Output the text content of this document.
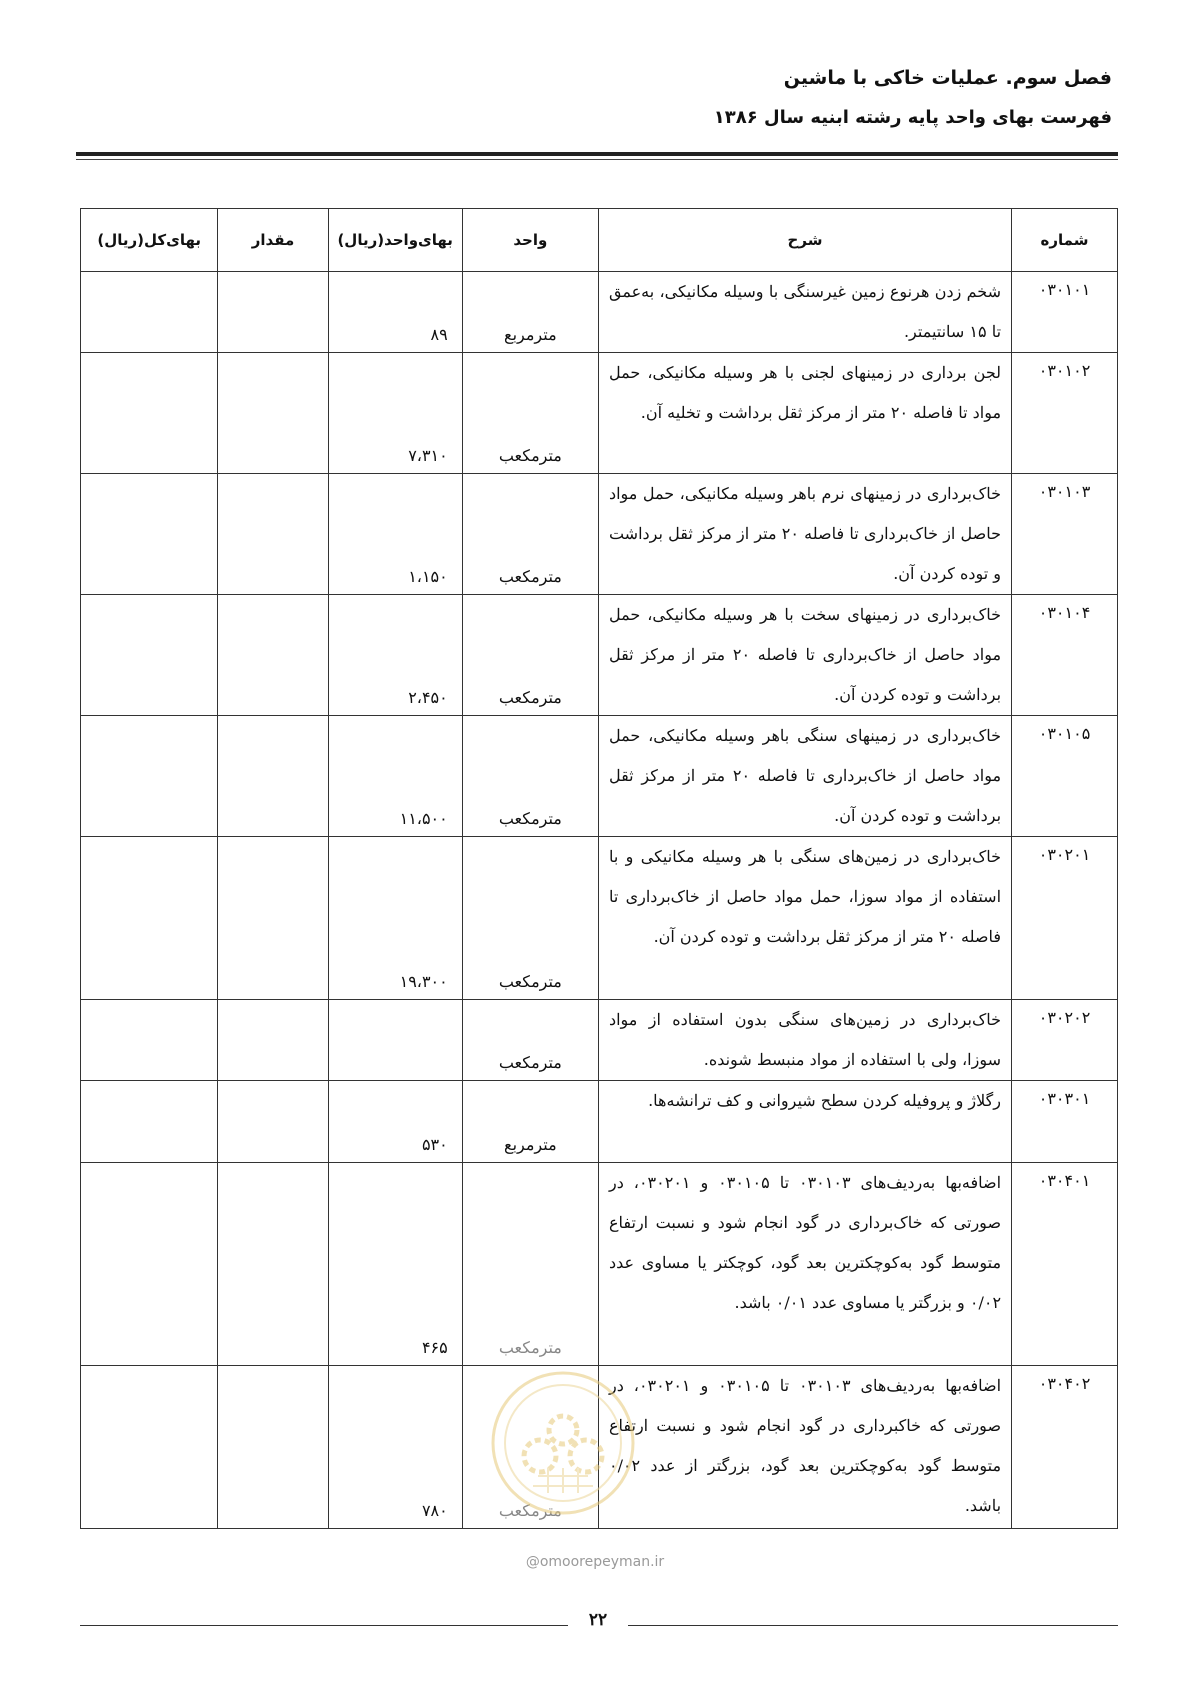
فصل سوم. عملیات خاکی با ماشین
فهرست بهای واحد پایه رشته ابنیه سال ۱۳۸۶
شماره	شرح	واحد	بهای‌واحد(ریال)	مقدار	بهای‌کل(ریال)
۰۳۰۱۰۱	شخم زدن هرنوع زمین غیرسنگی با وسیله مکانیکی، به‌عمق تا ۱۵ سانتیمتر.	مترمربع	۸۹		
۰۳۰۱۰۲	لجن برداری در زمینهای لجنی با هر وسیله مکانیکی، حمل مواد تا فاصله ۲۰ متر از مرکز ثقل برداشت و تخلیه آن.	مترمکعب	۷،۳۱۰		
۰۳۰۱۰۳	خاک‌برداری در زمینهای نرم باهر وسیله مکانیکی، حمل مواد حاصل از خاک‌برداری تا فاصله ۲۰ متر از مرکز ثقل برداشت و توده کردن آن.	مترمکعب	۱،۱۵۰		
۰۳۰۱۰۴	خاک‌برداری در زمینهای سخت با هر وسیله مکانیکی، حمل مواد حاصل از خاک‌برداری تا فاصله ۲۰ متر از مرکز ثقل برداشت و توده کردن آن.	مترمکعب	۲،۴۵۰		
۰۳۰۱۰۵	خاک‌برداری در زمینهای سنگی باهر وسیله مکانیکی، حمل مواد حاصل از خاک‌برداری تا فاصله ۲۰ متر از مرکز ثقل برداشت و توده کردن آن.	مترمکعب	۱۱،۵۰۰		
۰۳۰۲۰۱	خاک‌برداری در زمین‌های سنگی با هر وسیله مکانیکی و با استفاده از مواد سوزا، حمل مواد حاصل از خاک‌برداری تا فاصله ۲۰ متر از مرکز ثقل برداشت و توده کردن آن.	مترمکعب	۱۹،۳۰۰		
۰۳۰۲۰۲	خاک‌برداری در زمین‌های سنگی بدون استفاده از مواد سوزا، ولی با استفاده از مواد منبسط شونده.	مترمکعب			
۰۳۰۳۰۱	رگلاژ و پروفیله کردن سطح شیروانی و کف ترانشه‌ها.	مترمربع	۵۳۰		
۰۳۰۴۰۱	اضافه‌بها به‌ردیف‌های ۰۳۰۱۰۳ تا ۰۳۰۱۰۵ و ۰۳۰۲۰۱، در صورتی که خاک‌برداری در گود انجام شود و نسبت ارتفاع متوسط گود به‌کوچکترین بعد گود، کوچکتر یا مساوی عدد ۰/۰۲ و بزرگتر یا مساوی عدد ۰/۰۱ باشد.	مترمکعب	۴۶۵		
۰۳۰۴۰۲	اضافه‌بها به‌ردیف‌های ۰۳۰۱۰۳ تا ۰۳۰۱۰۵ و ۰۳۰۲۰۱، در صورتی که خاکبرداری در گود انجام شود و نسبت ارتفاع متوسط گود به‌کوچکترین بعد گود، بزرگتر از عدد ۰/۰۲ باشد.	مترمکعب	۷۸۰		
@omoorepeyman.ir
۲۲
